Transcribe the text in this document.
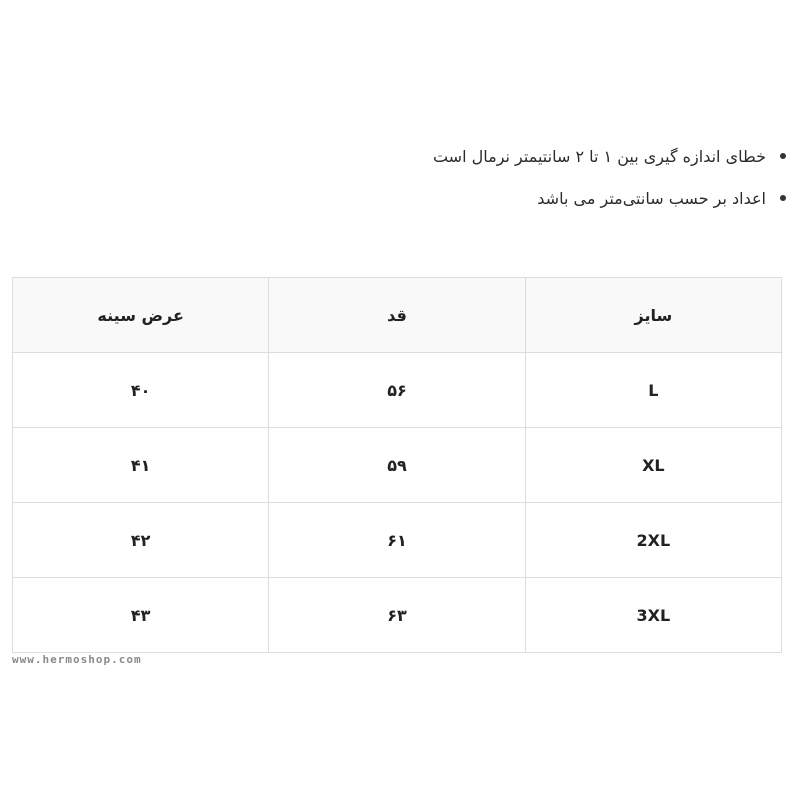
خطای اندازه گیری بین ۱ تا ۲ سانتیمتر نرمال است
اعداد بر حسب سانتی‌متر می باشد
سایز	قد	عرض سینه
L	۵۶	۴۰
XL	۵۹	۴۱
2XL	۶۱	۴۲
3XL	۶۳	۴۳
www.hermoshop.com
